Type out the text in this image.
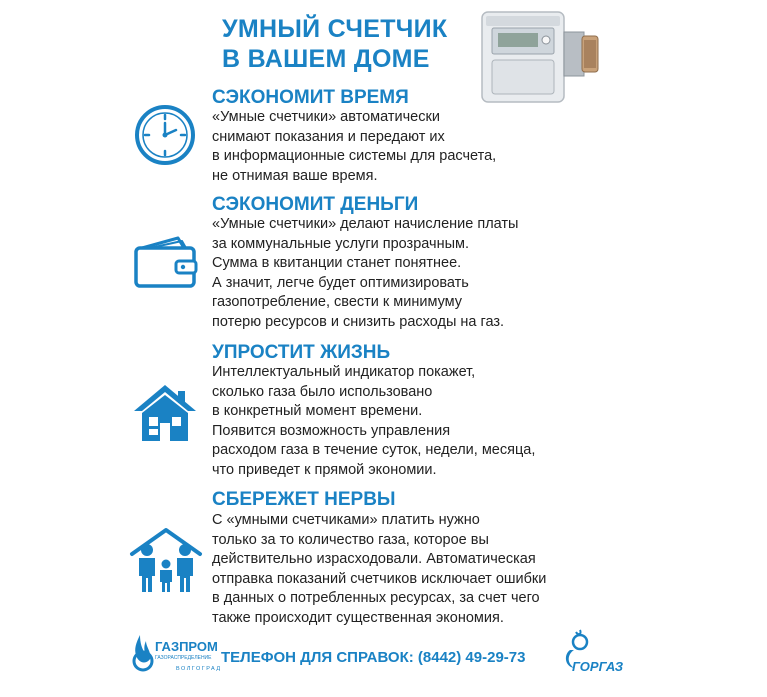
УМНЫЙ СЧЕТЧИК
В ВАШЕМ ДОМЕ
СЭКОНОМИТ ВРЕМЯ
«Умные счетчики» автоматически
снимают показания и передают их
в информационные системы для расчета,
не отнимая ваше время.
СЭКОНОМИТ ДЕНЬГИ
«Умные счетчики» делают начисление платы
за коммунальные услуги прозрачным.
Сумма в квитанции станет понятнее.
А значит, легче будет оптимизировать
газопотребление, свести к минимуму
потерю ресурсов и снизить расходы на газ.
УПРОСТИТ ЖИЗНЬ
Интеллектуальный индикатор покажет,
сколько газа было использовано
в конкретный момент времени.
Появится возможность управления
расходом газа в течение суток, недели, месяца,
что приведет к прямой экономии.
СБЕРЕЖЕТ НЕРВЫ
С «умными счетчиками» платить нужно
только за то количество газа, которое вы
действительно израсходовали. Автоматическая
отправка показаний счетчиков исключает ошибки
в данных о потребленных ресурсах, за счет чего
также происходит существенная экономия.
ГАЗПРОМ
ГАЗОРАСПРЕДЕЛЕНИЕ
ВОЛГОГРАД
ТЕЛЕФОН ДЛЯ СПРАВОК: (8442) 49-29-73
ГОРГАЗ
